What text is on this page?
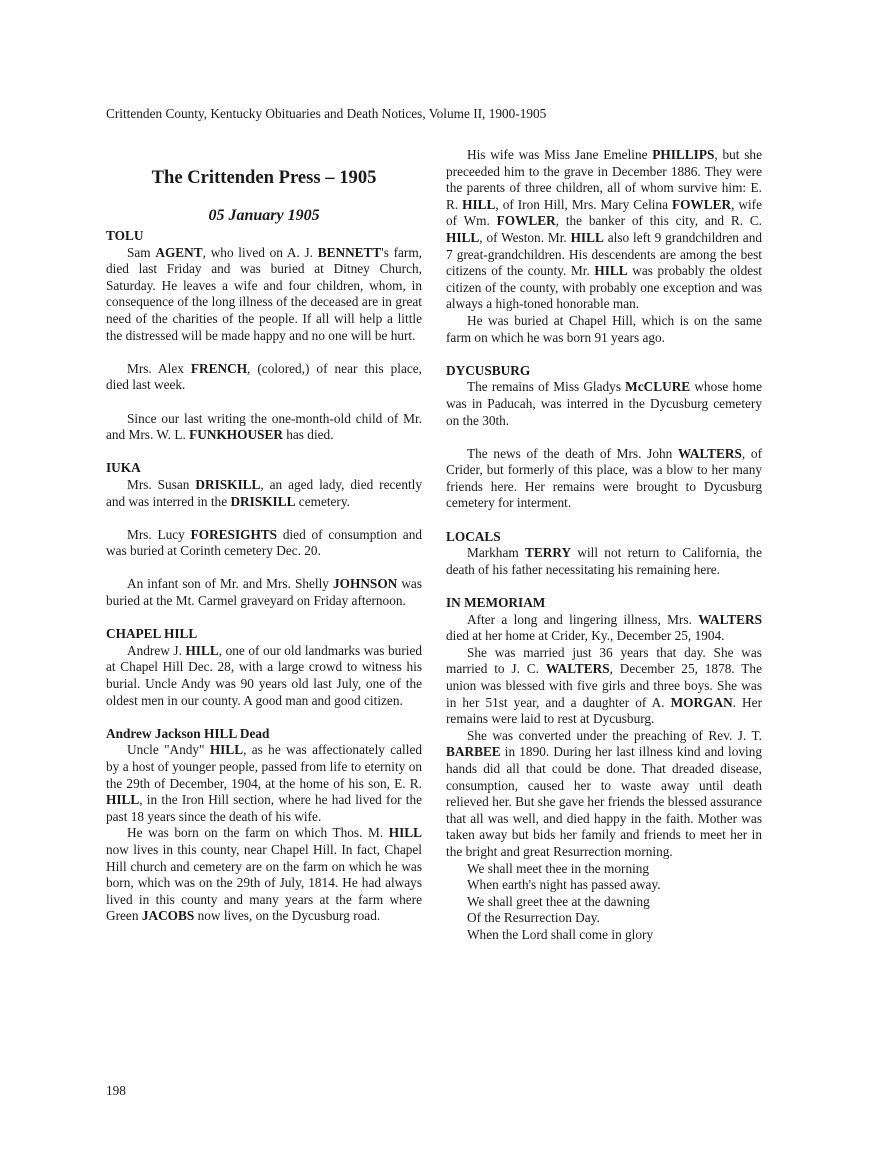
Crittenden County, Kentucky Obituaries and Death Notices, Volume II, 1900-1905
The Crittenden Press – 1905
05 January 1905
TOLU

Sam AGENT, who lived on A. J. BENNETT's farm, died last Friday and was buried at Ditney Church, Saturday. He leaves a wife and four children, whom, in consequence of the long illness of the deceased are in great need of the charities of the people. If all will help a little the distressed will be made happy and no one will be hurt.

Mrs. Alex FRENCH, (colored,) of near this place, died last week.

Since our last writing the one-month-old child of Mr. and Mrs. W. L. FUNKHOUSER has died.

IUKA

Mrs. Susan DRISKILL, an aged lady, died recently and was interred in the DRISKILL cemetery.

Mrs. Lucy FORESIGHTS died of consumption and was buried at Corinth cemetery Dec. 20.

An infant son of Mr. and Mrs. Shelly JOHNSON was buried at the Mt. Carmel graveyard on Friday afternoon.

CHAPEL HILL

Andrew J. HILL, one of our old landmarks was buried at Chapel Hill Dec. 28, with a large crowd to witness his burial. Uncle Andy was 90 years old last July, one of the oldest men in our county. A good man and good citizen.

Andrew Jackson HILL Dead

Uncle "Andy" HILL, as he was affectionately called by a host of younger people, passed from life to eternity on the 29th of December, 1904, at the home of his son, E. R. HILL, in the Iron Hill section, where he had lived for the past 18 years since the death of his wife.

He was born on the farm on which Thos. M. HILL now lives in this county, near Chapel Hill. In fact, Chapel Hill church and cemetery are on the farm on which he was born, which was on the 29th of July, 1814. He had always lived in this county and many years at the farm where Green JACOBS now lives, on the Dycusburg road.

His wife was Miss Jane Emeline PHILLIPS, but she preceeded him to the grave in December 1886. They were the parents of three children, all of whom survive him: E. R. HILL, of Iron Hill, Mrs. Mary Celina FOWLER, wife of Wm. FOWLER, the banker of this city, and R. C. HILL, of Weston. Mr. HILL also left 9 grandchildren and 7 great-grandchildren. His descendents are among the best citizens of the county. Mr. HILL was probably the oldest citizen of the county, with probably one exception and was always a high-toned honorable man.

He was buried at Chapel Hill, which is on the same farm on which he was born 91 years ago.

DYCUSBURG

The remains of Miss Gladys McCLURE whose home was in Paducah, was interred in the Dycusburg cemetery on the 30th.

The news of the death of Mrs. John WALTERS, of Crider, but formerly of this place, was a blow to her many friends here. Her remains were brought to Dycusburg cemetery for interment.

LOCALS

Markham TERRY will not return to California, the death of his father necessitating his remaining here.

IN MEMORIAM

After a long and lingering illness, Mrs. WALTERS died at her home at Crider, Ky., December 25, 1904.

She was married just 36 years that day. She was married to J. C. WALTERS, December 25, 1878. The union was blessed with five girls and three boys. She was in her 51st year, and a daughter of A. MORGAN. Her remains were laid to rest at Dycusburg.

She was converted under the preaching of Rev. J. T. BARBEE in 1890. During her last illness kind and loving hands did all that could be done. That dreaded disease, consumption, caused her to waste away until death relieved her. But she gave her friends the blessed assurance that all was well, and died happy in the faith. Mother was taken away but bids her family and friends to meet her in the bright and great Resurrection morning.

We shall meet thee in the morning
When earth's night has passed away.
We shall greet thee at the dawning
Of the Resurrection Day.
When the Lord shall come in glory
198
